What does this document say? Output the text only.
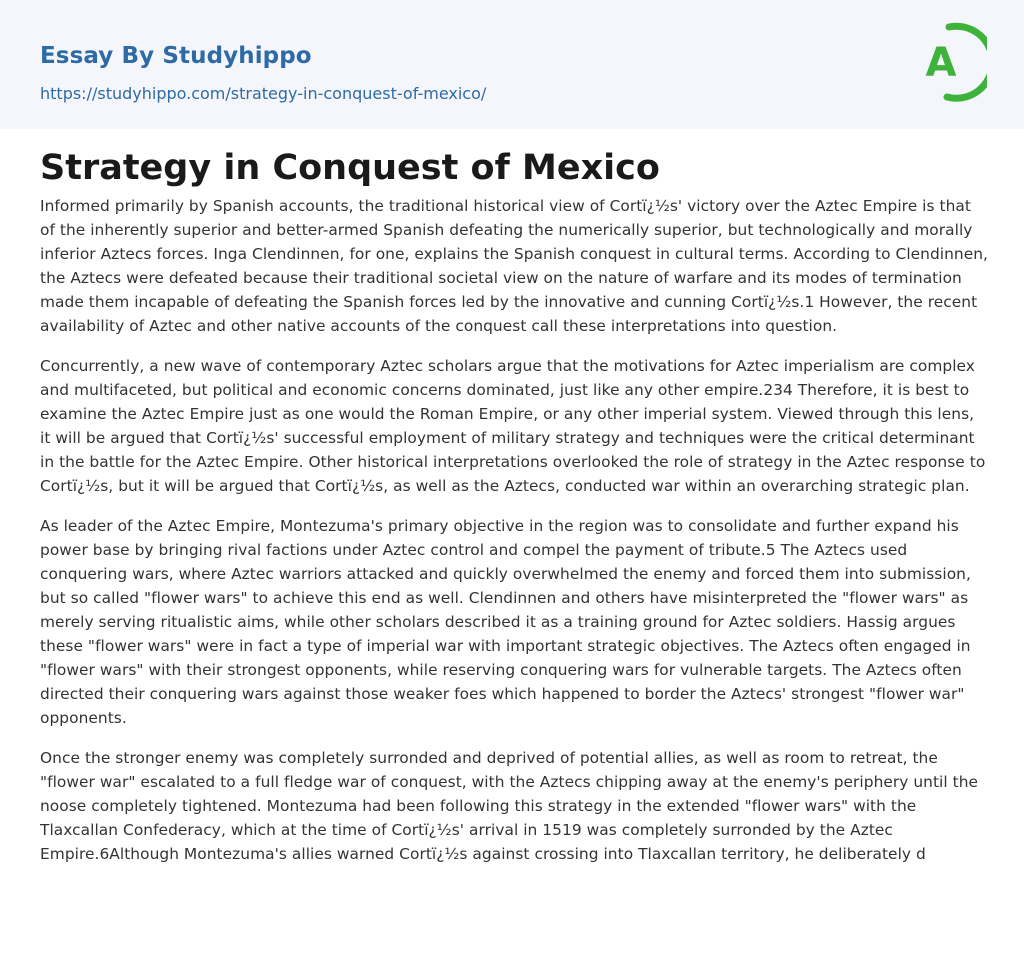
Essay By Studyhippo
https://studyhippo.com/strategy-in-conquest-of-mexico/
A
Strategy in Conquest of Mexico

Informed primarily by Spanish accounts, the traditional historical view of Cortï¿½s' victory over the Aztec Empire is that of the inherently superior and better-armed Spanish defeating the numerically superior, but technologically and morally inferior Aztecs forces. Inga Clendinnen, for one, explains the Spanish conquest in cultural terms. According to Clendinnen, the Aztecs were defeated because their traditional societal view on the nature of warfare and its modes of termination made them incapable of defeating the Spanish forces led by the innovative and cunning Cortï¿½s.1 However, the recent availability of Aztec and other native accounts of the conquest call these interpretations into question.

Concurrently, a new wave of contemporary Aztec scholars argue that the motivations for Aztec imperialism are complex and multifaceted, but political and economic concerns dominated, just like any other empire.234 Therefore, it is best to examine the Aztec Empire just as one would the Roman Empire, or any other imperial system. Viewed through this lens, it will be argued that Cortï¿½s' successful employment of military strategy and techniques were the critical determinant in the battle for the Aztec Empire. Other historical interpretations overlooked the role of strategy in the Aztec response to Cortï¿½s, but it will be argued that Cortï¿½s, as well as the Aztecs, conducted war within an overarching strategic plan.

As leader of the Aztec Empire, Montezuma's primary objective in the region was to consolidate and further expand his power base by bringing rival factions under Aztec control and compel the payment of tribute.5 The Aztecs used conquering wars, where Aztec warriors attacked and quickly overwhelmed the enemy and forced them into submission, but so called "flower wars" to achieve this end as well. Clendinnen and others have misinterpreted the "flower wars" as merely serving ritualistic aims, while other scholars described it as a training ground for Aztec soldiers. Hassig argues these "flower wars" were in fact a type of imperial war with important strategic objectives. The Aztecs often engaged in "flower wars" with their strongest opponents, while reserving conquering wars for vulnerable targets. The Aztecs often directed their conquering wars against those weaker foes which happened to border the Aztecs' strongest "flower war" opponents.

Once the stronger enemy was completely surronded and deprived of potential allies, as well as room to retreat, the "flower war" escalated to a full fledge war of conquest, with the Aztecs chipping away at the enemy's periphery until the noose completely tightened. Montezuma had been following this strategy in the extended "flower wars" with the Tlaxcallan Confederacy, which at the time of Cortï¿½s' arrival in 1519 was completely surronded by the Aztec Empire.6Although Montezuma's allies warned Cortï¿½s against crossing into Tlaxcallan territory, he deliberately d
